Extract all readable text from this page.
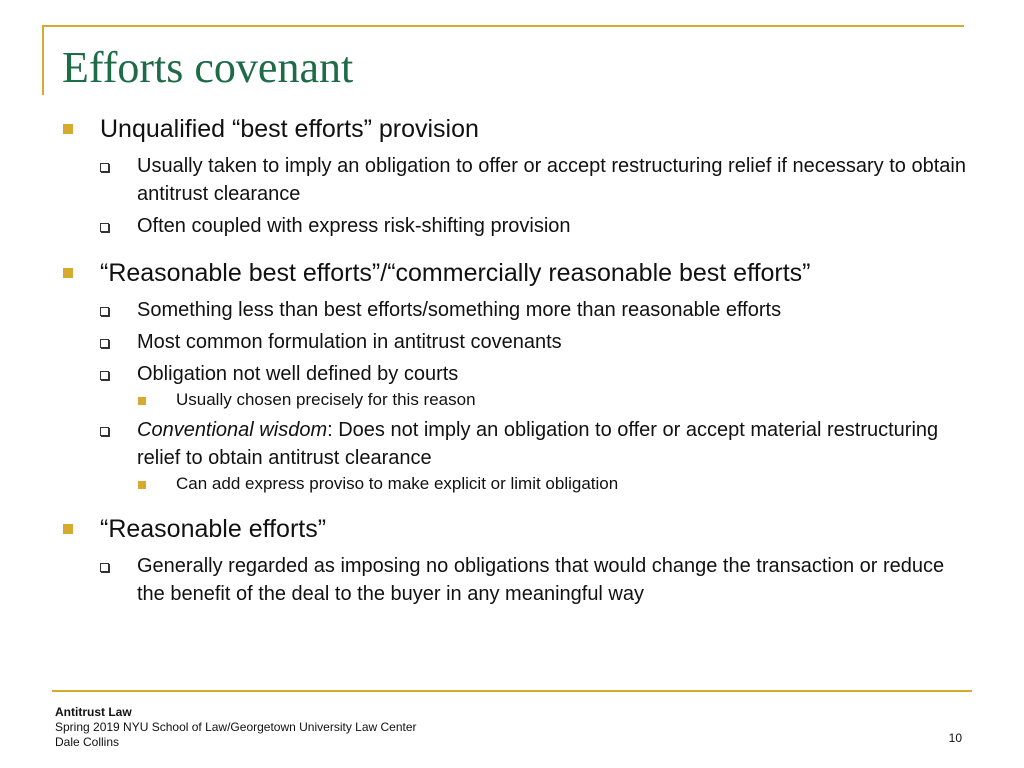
Efforts covenant
Unqualified “best efforts” provision
Usually taken to imply an obligation to offer or accept restructuring relief if necessary to obtain antitrust clearance
Often coupled with express risk-shifting provision
“Reasonable best efforts”/“commercially reasonable best efforts”
Something less than best efforts/something more than reasonable efforts
Most common formulation in antitrust covenants
Obligation not well defined by courts
Usually chosen precisely for this reason
Conventional wisdom: Does not imply an obligation to offer or accept material restructuring relief to obtain antitrust clearance
Can add express proviso to make explicit or limit obligation
“Reasonable efforts”
Generally regarded as imposing no obligations that would change the transaction or reduce the benefit of the deal to the buyer in any meaningful way
Antitrust Law
Spring 2019 NYU School of Law/Georgetown University Law Center
Dale Collins	10
